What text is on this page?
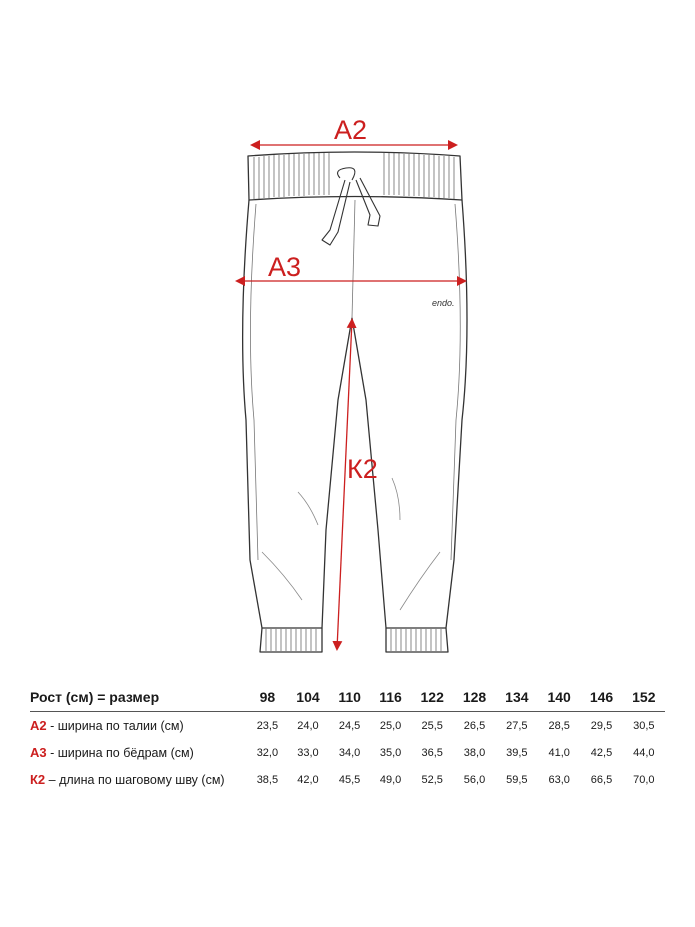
endo.
А2
А3
К2
Рост (см) = размер	98	104	110	116	122	128	134	140	146	152
А2 - ширина по талии (см)	23,5	24,0	24,5	25,0	25,5	26,5	27,5	28,5	29,5	30,5
А3 - ширина по бёдрам (см)	32,0	33,0	34,0	35,0	36,5	38,0	39,5	41,0	42,5	44,0
К2 – длина по шаговому шву (см)	38,5	42,0	45,5	49,0	52,5	56,0	59,5	63,0	66,5	70,0
